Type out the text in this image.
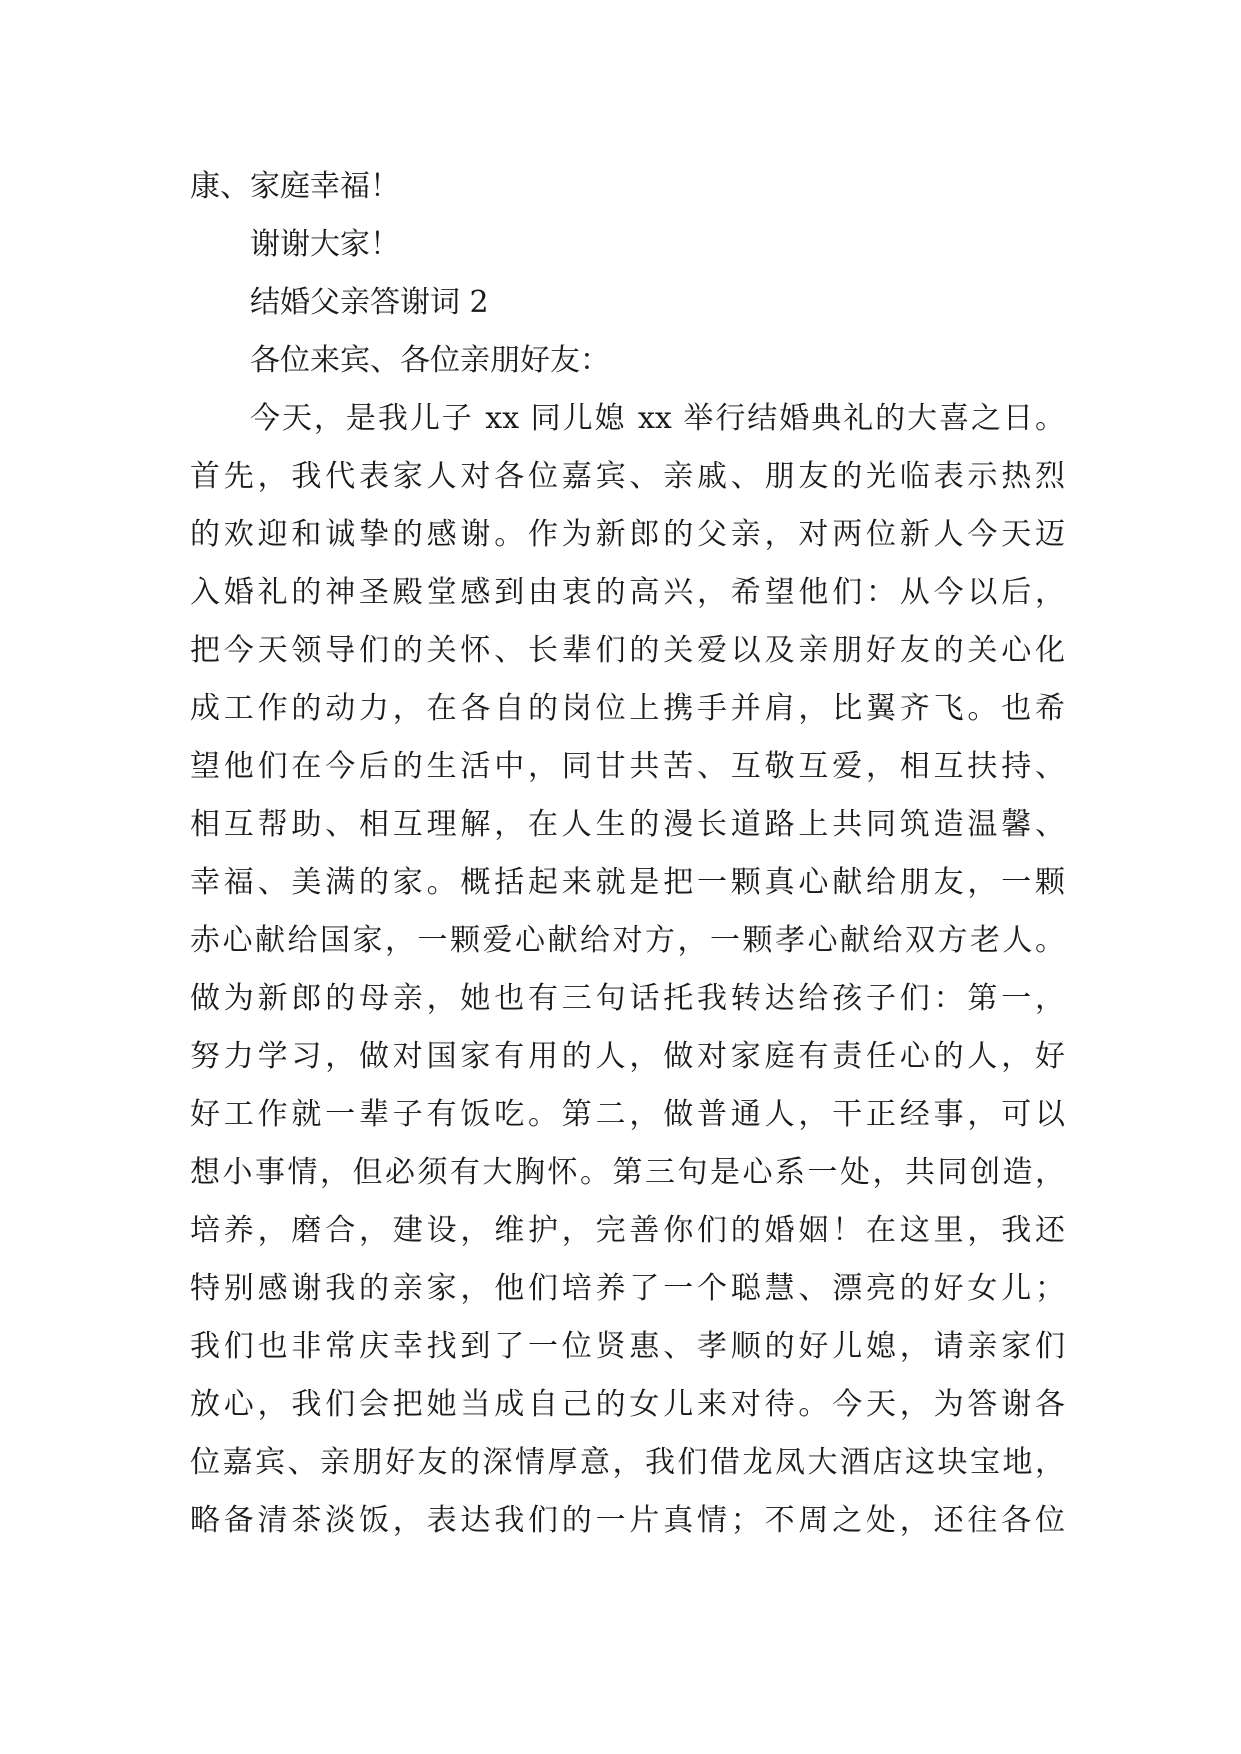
康、家庭幸福！
谢谢大家！
结婚父亲答谢词 2
各位来宾、各位亲朋好友：
今天，是我儿子 xx 同儿媳 xx 举行结婚典礼的大喜之日。
首先，我代表家人对各位嘉宾、亲戚、朋友的光临表示热烈
的欢迎和诚挚的感谢。作为新郎的父亲，对两位新人今天迈
入婚礼的神圣殿堂感到由衷的高兴，希望他们：从今以后，
把今天领导们的关怀、长辈们的关爱以及亲朋好友的关心化
成工作的动力，在各自的岗位上携手并肩，比翼齐飞。也希
望他们在今后的生活中，同甘共苦、互敬互爱，相互扶持、
相互帮助、相互理解，在人生的漫长道路上共同筑造温馨、
幸福、美满的家。概括起来就是把一颗真心献给朋友，一颗
赤心献给国家，一颗爱心献给对方，一颗孝心献给双方老人。
做为新郎的母亲，她也有三句话托我转达给孩子们：第一，
努力学习，做对国家有用的人，做对家庭有责任心的人，好
好工作就一辈子有饭吃。第二，做普通人，干正经事，可以
想小事情，但必须有大胸怀。第三句是心系一处，共同创造，
培养，磨合，建设，维护，完善你们的婚姻！在这里，我还
特别感谢我的亲家，他们培养了一个聪慧、漂亮的好女儿；
我们也非常庆幸找到了一位贤惠、孝顺的好儿媳，请亲家们
放心，我们会把她当成自己的女儿来对待。今天，为答谢各
位嘉宾、亲朋好友的深情厚意，我们借龙凤大酒店这块宝地，
略备清茶淡饭，表达我们的一片真情；不周之处，还往各位
